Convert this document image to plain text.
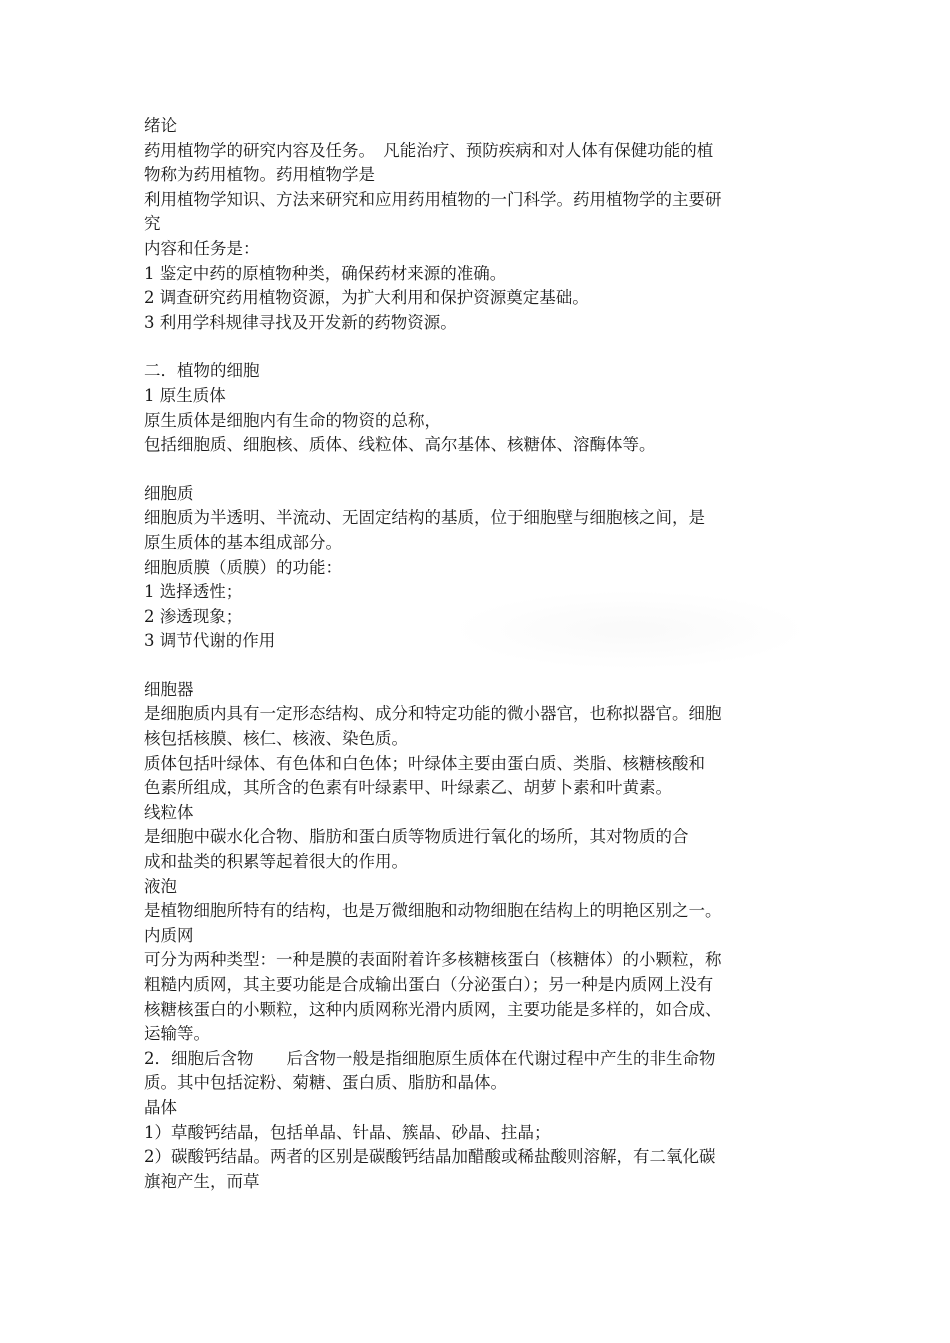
绪论
药用植物学的研究内容及任务。　凡能治疗、预防疾病和对人体有保健功能的植
物称为药用植物。药用植物学是
利用植物学知识、方法来研究和应用药用植物的一门科学。药用植物学的主要研
究
内容和任务是：
1 鉴定中药的原植物种类，确保药材来源的准确。
2 调查研究药用植物资源，为扩大利用和保护资源奠定基础。
3 利用学科规律寻找及开发新的药物资源。
二．植物的细胞
1 原生质体
原生质体是细胞内有生命的物资的总称，
包括细胞质、细胞核、质体、线粒体、高尔基体、核糖体、溶酶体等。
细胞质
细胞质为半透明、半流动、无固定结构的基质，位于细胞壁与细胞核之间，是
原生质体的基本组成部分。
细胞质膜（质膜）的功能：
1 选择透性；
2 渗透现象；
3 调节代谢的作用
细胞器
是细胞质内具有一定形态结构、成分和特定功能的微小器官，也称拟器官。细胞
核包括核膜、核仁、核液、染色质。
质体包括叶绿体、有色体和白色体；叶绿体主要由蛋白质、类脂、核糖核酸和
色素所组成，其所含的色素有叶绿素甲、叶绿素乙、胡萝卜素和叶黄素。
线粒体
是细胞中碳水化合物、脂肪和蛋白质等物质进行氧化的场所，其对物质的合
成和盐类的积累等起着很大的作用。
液泡
是植物细胞所特有的结构，也是万微细胞和动物细胞在结构上的明艳区别之一。
内质网
可分为两种类型：一种是膜的表面附着许多核糖核蛋白（核糖体）的小颗粒，称
粗糙内质网，其主要功能是合成输出蛋白（分泌蛋白）；另一种是内质网上没有
核糖核蛋白的小颗粒，这种内质网称光滑内质网，主要功能是多样的，如合成、
运输等。
2．细胞后含物　　后含物一般是指细胞原生质体在代谢过程中产生的非生命物
质。其中包括淀粉、菊糖、蛋白质、脂肪和晶体。
晶体
1）草酸钙结晶，包括单晶、针晶、簇晶、砂晶、拄晶；
2）碳酸钙结晶。两者的区别是碳酸钙结晶加醋酸或稀盐酸则溶解，有二氧化碳
旗袍产生，而草
